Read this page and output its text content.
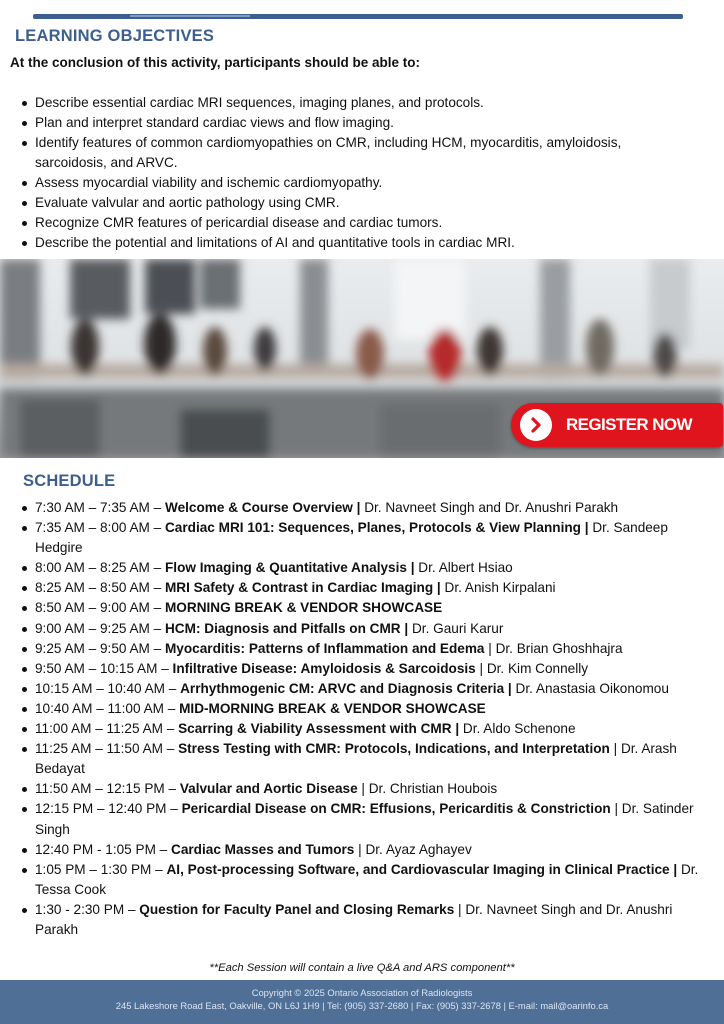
LEARNING OBJECTIVES
At the conclusion of this activity, participants should be able to:
Describe essential cardiac MRI sequences, imaging planes, and protocols.
Plan and interpret standard cardiac views and flow imaging.
Identify features of common cardiomyopathies on CMR, including HCM, myocarditis, amyloidosis, sarcoidosis, and ARVC.
Assess myocardial viability and ischemic cardiomyopathy.
Evaluate valvular and aortic pathology using CMR.
Recognize CMR features of pericardial disease and cardiac tumors.
Describe the potential and limitations of AI and quantitative tools in cardiac MRI.
REGISTER NOW
SCHEDULE
7:30 AM – 7:35 AM – Welcome & Course Overview | Dr. Navneet Singh and Dr. Anushri Parakh
7:35 AM – 8:00 AM – Cardiac MRI 101: Sequences, Planes, Protocols & View Planning | Dr. Sandeep Hedgire
8:00 AM – 8:25 AM – Flow Imaging & Quantitative Analysis | Dr. Albert Hsiao
8:25 AM – 8:50 AM – MRI Safety & Contrast in Cardiac Imaging | Dr. Anish Kirpalani
8:50 AM – 9:00 AM – MORNING BREAK & VENDOR SHOWCASE
9:00 AM – 9:25 AM – HCM: Diagnosis and Pitfalls on CMR | Dr. Gauri Karur
9:25 AM – 9:50 AM – Myocarditis: Patterns of Inflammation and Edema | Dr. Brian Ghoshhajra
9:50 AM – 10:15 AM – Infiltrative Disease: Amyloidosis & Sarcoidosis | Dr. Kim Connelly
10:15 AM – 10:40 AM – Arrhythmogenic CM: ARVC and Diagnosis Criteria | Dr. Anastasia Oikonomou
10:40 AM – 11:00 AM – MID-MORNING BREAK & VENDOR SHOWCASE
11:00 AM – 11:25 AM – Scarring & Viability Assessment with CMR | Dr. Aldo Schenone
11:25 AM – 11:50 AM – Stress Testing with CMR: Protocols, Indications, and Interpretation | Dr. Arash Bedayat
11:50 AM – 12:15 PM – Valvular and Aortic Disease | Dr. Christian Houbois
12:15 PM – 12:40 PM – Pericardial Disease on CMR: Effusions, Pericarditis & Constriction | Dr. Satinder Singh
12:40 PM - 1:05 PM – Cardiac Masses and Tumors | Dr. Ayaz Aghayev
1:05 PM – 1:30 PM – AI, Post-processing Software, and Cardiovascular Imaging in Clinical Practice | Dr. Tessa Cook
1:30 - 2:30 PM – Question for Faculty Panel and Closing Remarks | Dr. Navneet Singh and Dr. Anushri Parakh
**Each Session will contain a live Q&A and ARS component**
Copyright © 2025 Ontario Association of Radiologists
245 Lakeshore Road East, Oakville, ON L6J 1H9 | Tel: (905) 337-2680 | Fax: (905) 337-2678 | E-mail: mail@oarinfo.ca
